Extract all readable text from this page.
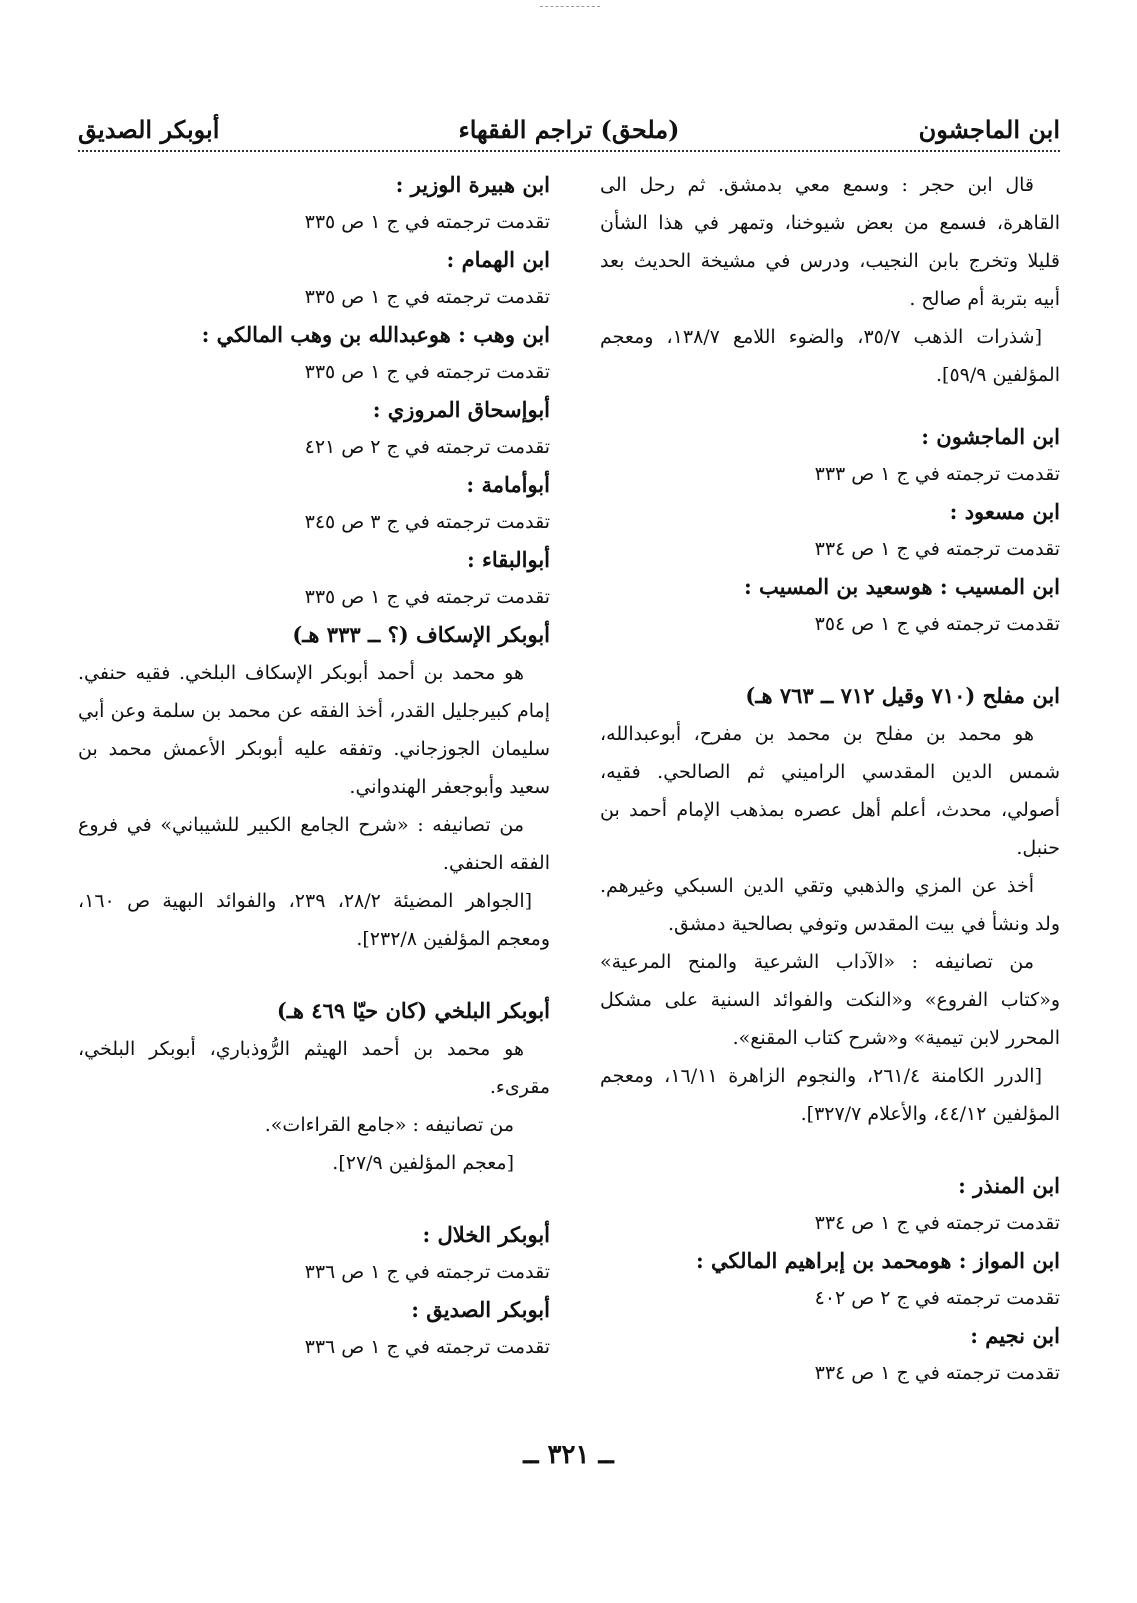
ابن الماجشون
(ملحق) تراجم الفقهاء
أبوبكر الصديق

قال ابن حجر : وسمع معي بدمشق. ثم رحل الى القاهرة، فسمع من بعض شيوخنا، وتمهر في هذا الشأن قليلا وتخرج بابن النجيب، ودرس في مشيخة الحديث بعد أبيه بتربة أم صالح .

[شذرات الذهب ٣٥/٧، والضوء اللامع ١٣٨/٧، ومعجم المؤلفين ٥٩/٩].

ابن الماجشون :

تقدمت ترجمته في ج ١ ص ٣٣٣

ابن مسعود :

تقدمت ترجمته في ج ١ ص ٣٣٤

ابن المسيب : هوسعيد بن المسيب :

تقدمت ترجمته في ج ١ ص ٣٥٤

ابن مفلح (٧١٠ وقيل ٧١٢ ــ ٧٦٣ هـ)

هو محمد بن مفلح بن محمد بن مفرح، أبوعبدالله، شمس الدين المقدسي الراميني ثم الصالحي. فقيه، أصولي، محدث، أعلم أهل عصره بمذهب الإمام أحمد بن حنبل.

أخذ عن المزي والذهبي وتقي الدين السبكي وغيرهم. ولد ونشأ في بيت المقدس وتوفي بصالحية دمشق.

من تصانيفه : «الآداب الشرعية والمنح المرعية» و«كتاب الفروع» و«النكت والفوائد السنية على مشكل المحرر لابن تيمية» و«شرح كتاب المقنع».

[الدرر الكامنة ٢٦١/٤، والنجوم الزاهرة ١٦/١١، ومعجم المؤلفين ٤٤/١٢، والأعلام ٣٢٧/٧].

ابن المنذر :

تقدمت ترجمته في ج ١ ص ٣٣٤

ابن المواز : هومحمد بن إبراهيم المالكي :

تقدمت ترجمته في ج ٢ ص ٤٠٢

ابن نجيم :

تقدمت ترجمته في ج ١ ص ٣٣٤

ابن هبيرة الوزير :

تقدمت ترجمته في ج ١ ص ٣٣٥

ابن الهمام :

تقدمت ترجمته في ج ١ ص ٣٣٥

ابن وهب : هوعبدالله بن وهب المالكي :

تقدمت ترجمته في ج ١ ص ٣٣٥

أبوإسحاق المروزي :

تقدمت ترجمته في ج ٢ ص ٤٢١

أبوأمامة :

تقدمت ترجمته في ج ٣ ص ٣٤٥

أبوالبقاء :

تقدمت ترجمته في ج ١ ص ٣٣٥

أبوبكر الإسكاف (؟ ــ ٣٣٣ هـ)

هو محمد بن أحمد أبوبكر الإسكاف البلخي. فقيه حنفي. إمام كبيرجليل القدر، أخذ الفقه عن محمد بن سلمة وعن أبي سليمان الجوزجاني. وتفقه عليه أبوبكر الأعمش محمد بن سعيد وأبوجعفر الهندواني.

من تصانيفه : «شرح الجامع الكبير للشيباني» في فروع الفقه الحنفي.

[الجواهر المضيئة ٢٨/٢، ٢٣٩، والفوائد البهية ص ١٦٠، ومعجم المؤلفين ٢٣٢/٨].

أبوبكر البلخي (كان حيّا ٤٦٩ هـ)

هو محمد بن أحمد الهيثم الرُّوذباري، أبوبكر البلخي، مقرىء.

من تصانيفه : «جامع القراءات».

[معجم المؤلفين ٢٧/٩].

أبوبكر الخلال :

تقدمت ترجمته في ج ١ ص ٣٣٦

أبوبكر الصديق :

تقدمت ترجمته في ج ١ ص ٣٣٦

ــ ٣٢١ ــ
